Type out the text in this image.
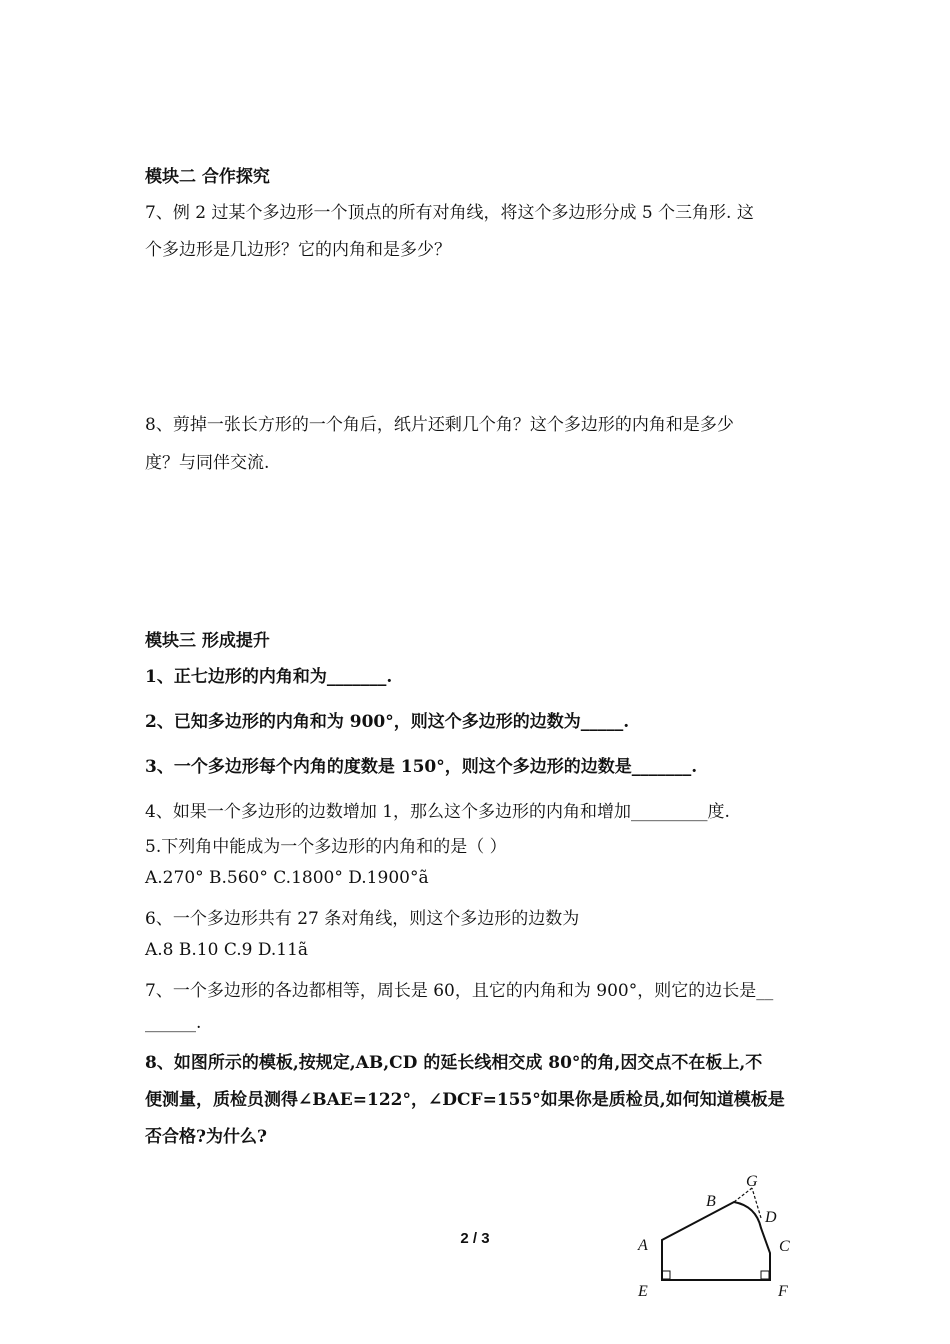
模块二 合作探究
7、例 2 过某个多边形一个顶点的所有对角线，将这个多边形分成 5 个三角形. 这
个多边形是几边形？它的内角和是多少？
8、剪掉一张长方形的一个角后，纸片还剩几个角？这个多边形的内角和是多少
度？与同伴交流.
模块三 形成提升
1、正七边形的内角和为_______.
2、已知多边形的内角和为 900°，则这个多边形的边数为_____.
3、一个多边形每个内角的度数是 150°，则这个多边形的边数是_______.
4、如果一个多边形的边数增加 1，那么这个多边形的内角和增加_________度.
5.下列角中能成为一个多边形的内角和的是（ ）
A.270° B.560° C.1800° D.1900°ã
6、一个多边形共有 27 条对角线，则这个多边形的边数为
A.8 B.10 C.9 D.11ã
7、一个多边形的各边都相等，周长是 60，且它的内角和为 900°，则它的边长是__
______.
8、如图所示的模板,按规定,AB,CD 的延长线相交成 80°的角,因交点不在板上,不
便测量，质检员测得∠BAE=122°，∠DCF=155°如果你是质检员,如何知道模板是
否合格?为什么?
2 / 3
G
B
D
A	C
E	F
